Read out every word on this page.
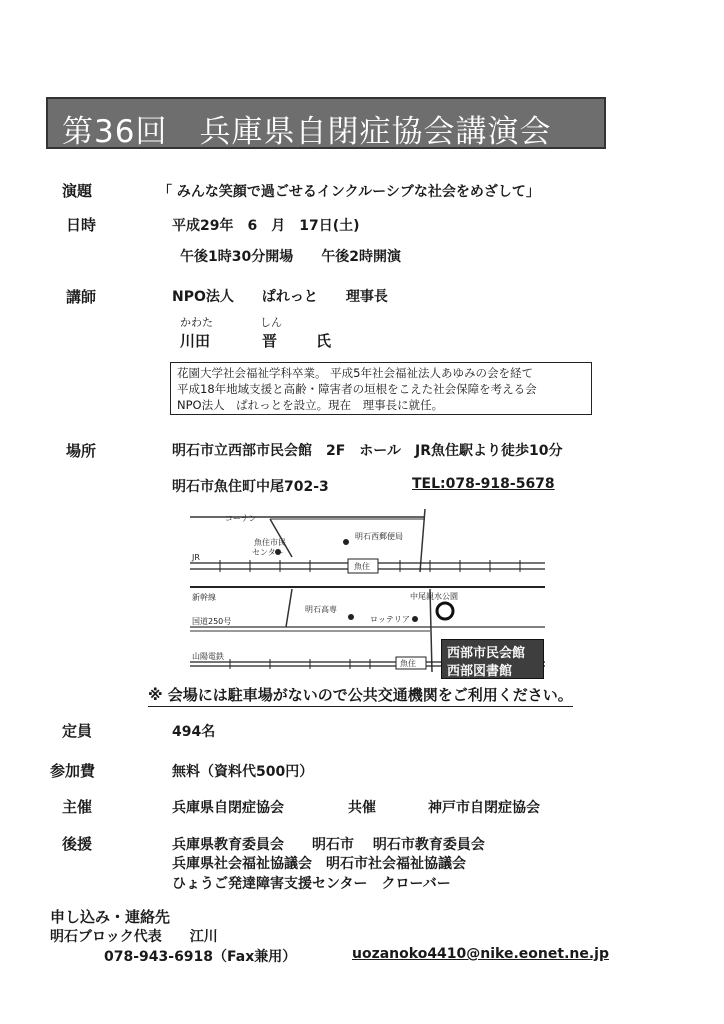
第36回　兵庫県自閉症協会講演会
演題	「 みんな笑顔で過ごせるインクルーシブな社会をめざして」
日時	平成29年　6　月　17日(土)
午後1時30分開場　　午後2時開演
講師	NPO法人　　ぱれっと　　理事長
かわた	しん
川田	晋	氏
花園大学社会福祉学科卒業。 平成5年社会福祉法人あゆみの会を経て
平成18年地域支援と高齢・障害者の垣根をこえた社会保障を考える会
NPO法人　ぱれっとを設立。現在　理事長に就任。
場所	明石市立西部市民会館　2F　ホール　JR魚住駅より徒歩10分
明石市魚住町中尾702-3	TEL:078-918-5678
コーナン
魚住市民
センター
明石西郵便局
JR
魚住
新幹線	中尾親水公園
国道250号
明石高専
ロッテリア
山陽電鉄
魚住
西部市民会館
西部図書館
※ 会場には駐車場がないので公共交通機関をご利用ください。
定員	494名
参加費	無料（資料代500円）
主催	兵庫県自閉症協会	共催	神戸市自閉症協会
後援	兵庫県教育委員会　　明石市　 明石市教育委員会
兵庫県社会福祉協議会　明石市社会福祉協議会
ひょうご発達障害支援センター　クローバー
申し込み・連絡先
明石ブロック代表　　江川
078-943-6918（Fax兼用）	uozanoko4410@nike.eonet.ne.jp
